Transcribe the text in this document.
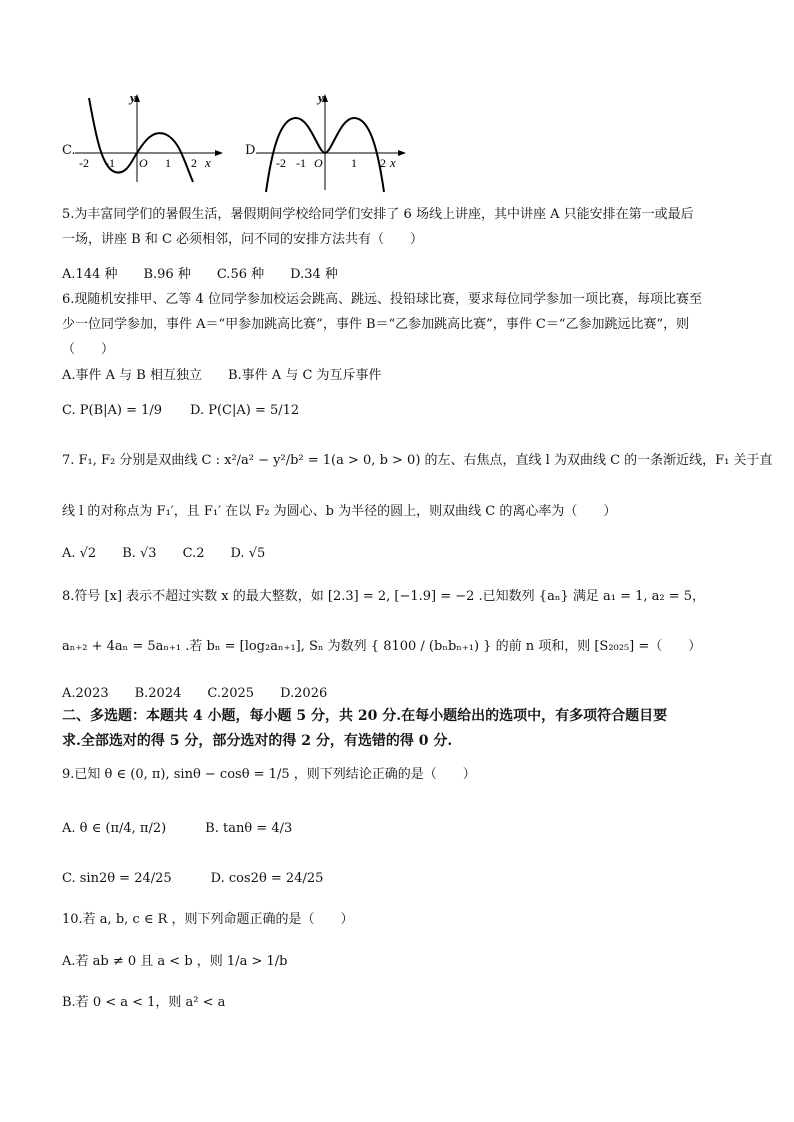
C.
y
x
-2 -1 O 1 2
D.
y
x
-2 -1 O 1 2
5.为丰富同学们的暑假生活，暑假期间学校给同学们安排了 6 场线上讲座，其中讲座 A 只能安排在第一或最后
一场，讲座 B 和 C 必须相邻，问不同的安排方法共有（　　）
A.144 种　　B.96 种　　C.56 种　　D.34 种
6.现随机安排甲、乙等 4 位同学参加校运会跳高、跳远、投铅球比赛，要求每位同学参加一项比赛，每项比赛至
少一位同学参加，事件 A＝“甲参加跳高比赛”，事件 B＝“乙参加跳高比赛”，事件 C＝“乙参加跳远比赛”，则
（　　）
A.事件 A 与 B 相互独立　　B.事件 A 与 C 为互斥事件
C. P(B|A) = 1/9 D. P(C|A) = 5/12
7. F₁, F₂ 分别是双曲线 C : x²/a² − y²/b² = 1(a > 0, b > 0) 的左、右焦点，直线 l 为双曲线 C 的一条渐近线，F₁ 关于直
线 l 的对称点为 F₁′，且 F₁′ 在以 F₂ 为圆心、b 为半径的圆上，则双曲线 C 的离心率为（　　）
A. √2　　B. √3　　C.2　　D. √5
8.符号 [x] 表示不超过实数 x 的最大整数，如 [2.3] = 2, [−1.9] = −2 .已知数列 {aₙ} 满足 a₁ = 1, a₂ = 5，
aₙ₊₂ + 4aₙ = 5aₙ₊₁ .若 bₙ = [log₂aₙ₊₁], Sₙ 为数列 { 8100 / (bₙbₙ₊₁) } 的前 n 项和，则 [S₂₀₂₅] =（　　）
A.2023　　B.2024　　C.2025　　D.2026
二、多选题：本题共 4 小题，每小题 5 分，共 20 分.在每小题给出的选项中，有多项符合题目要
求.全部选对的得 5 分，部分选对的得 2 分，有选错的得 0 分.
9.已知 θ ∈ (0, π), sinθ − cosθ = 1/5 ，则下列结论正确的是（　　）
A. θ ∈ (π/4, π/2)　　　B. tanθ = 4/3
C. sin2θ = 24/25　　　D. cos2θ = 24/25
10.若 a, b, c ∈ R ，则下列命题正确的是（　　）
A.若 ab ≠ 0 且 a < b ，则 1/a > 1/b
B.若 0 < a < 1，则 a² < a
